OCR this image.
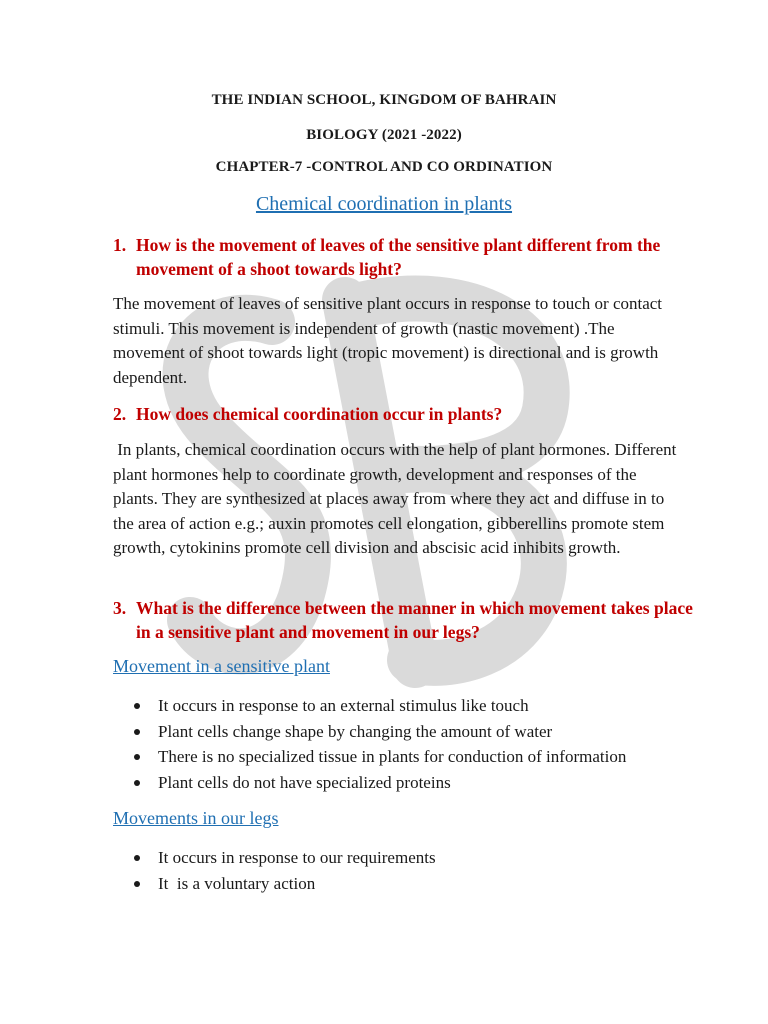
THE INDIAN SCHOOL, KINGDOM OF BAHRAIN
BIOLOGY (2021 -2022)
CHAPTER-7 -CONTROL AND CO ORDINATION
Chemical coordination in plants
1. How is the movement of leaves of the sensitive plant different from the movement of a shoot towards light?
The movement of leaves of sensitive plant occurs in response to touch or contact stimuli. This movement is independent of growth (nastic movement) .The movement of shoot towards light (tropic movement) is directional and is growth dependent.
2. How does chemical coordination occur in plants?
In plants, chemical coordination occurs with the help of plant hormones. Different plant hormones help to coordinate growth, development and responses of the plants. They are synthesized at places away from where they act and diffuse in to the area of action e.g.; auxin promotes cell elongation, gibberellins promote stem growth, cytokinins promote cell division and abscisic acid inhibits growth.
3. What is the difference between the manner in which movement takes place in a sensitive plant and movement in our legs?
Movement in a sensitive plant
It occurs in response to an external stimulus like touch
Plant cells change shape by changing the amount of water
There is no specialized tissue in plants for conduction of information
Plant cells do not have specialized proteins
Movements in our legs
It occurs in response to our requirements
It  is a voluntary action
